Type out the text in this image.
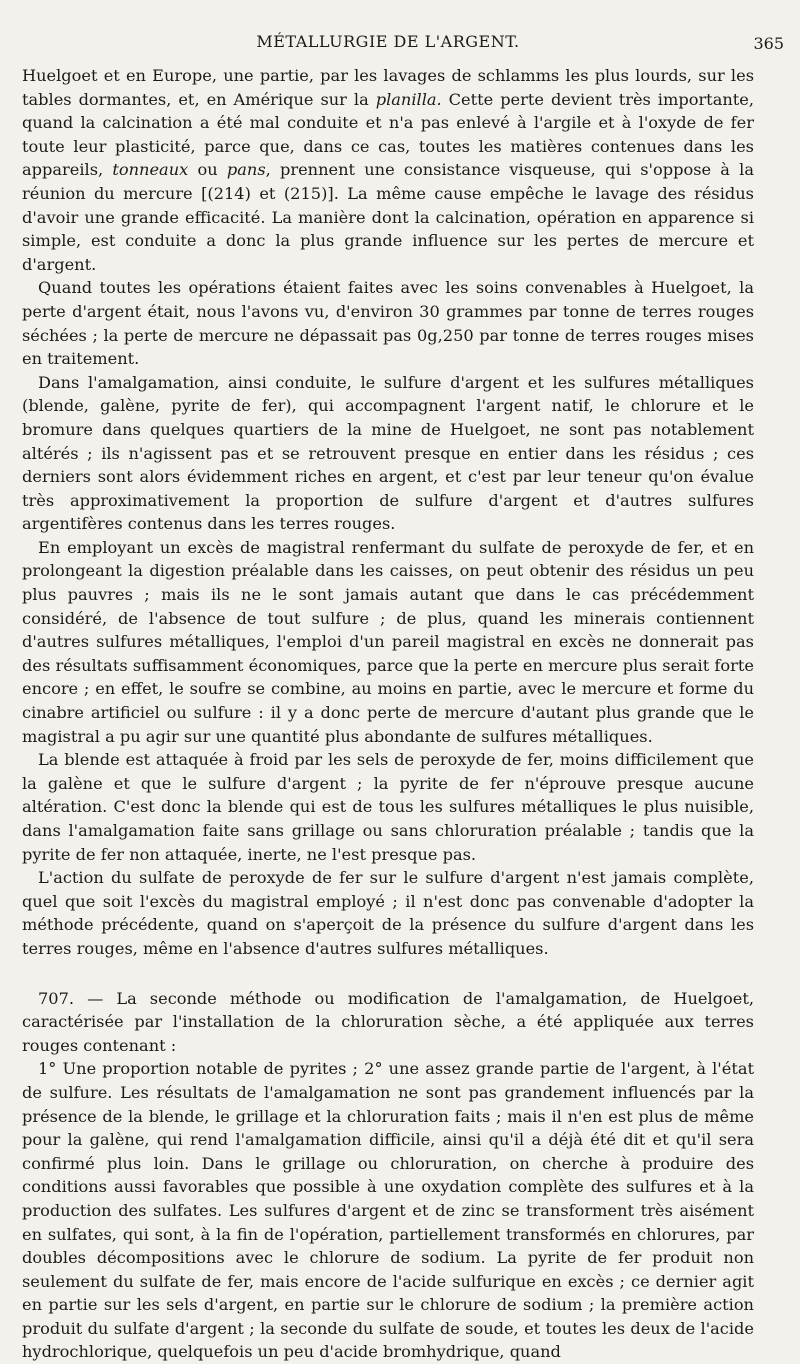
MÉTALLURGIE DE L'ARGENT.	365

Huelgoet et en Europe, une partie, par les lavages de schlamms les plus lourds, sur les tables dormantes, et, en Amérique sur la planilla. Cette perte devient très importante, quand la calcination a été mal conduite et n'a pas enlevé à l'argile et à l'oxyde de fer toute leur plasticité, parce que, dans ce cas, toutes les matières contenues dans les appareils, tonneaux ou pans, prennent une consistance visqueuse, qui s'oppose à la réunion du mercure [(214) et (215)]. La même cause empêche le lavage des résidus d'avoir une grande efficacité. La manière dont la calcination, opération en apparence si simple, est conduite a donc la plus grande influence sur les pertes de mercure et d'argent.

Quand toutes les opérations étaient faites avec les soins convenables à Huelgoet, la perte d'argent était, nous l'avons vu, d'environ 30 grammes par tonne de terres rouges séchées ; la perte de mercure ne dépassait pas 0g,250 par tonne de terres rouges mises en traitement.

Dans l'amalgamation, ainsi conduite, le sulfure d'argent et les sulfures métalliques (blende, galène, pyrite de fer), qui accompagnent l'argent natif, le chlorure et le bromure dans quelques quartiers de la mine de Huelgoet, ne sont pas notablement altérés ; ils n'agissent pas et se retrouvent presque en entier dans les résidus ; ces derniers sont alors évidemment riches en argent, et c'est par leur teneur qu'on évalue très approximativement la proportion de sulfure d'argent et d'autres sulfures argentifères contenus dans les terres rouges.

En employant un excès de magistral renfermant du sulfate de peroxyde de fer, et en prolongeant la digestion préalable dans les caisses, on peut obtenir des résidus un peu plus pauvres ; mais ils ne le sont jamais autant que dans le cas précédemment considéré, de l'absence de tout sulfure ; de plus, quand les minerais contiennent d'autres sulfures métalliques, l'emploi d'un pareil magistral en excès ne donnerait pas des résultats suffisamment économiques, parce que la perte en mercure plus serait forte encore ; en effet, le soufre se combine, au moins en partie, avec le mercure et forme du cinabre artificiel ou sulfure : il y a donc perte de mercure d'autant plus grande que le magistral a pu agir sur une quantité plus abondante de sulfures métalliques.

La blende est attaquée à froid par les sels de peroxyde de fer, moins difficilement que la galène et que le sulfure d'argent ; la pyrite de fer n'éprouve presque aucune altération. C'est donc la blende qui est de tous les sulfures métalliques le plus nuisible, dans l'amalgamation faite sans grillage ou sans chloruration préalable ; tandis que la pyrite de fer non attaquée, inerte, ne l'est presque pas.

L'action du sulfate de peroxyde de fer sur le sulfure d'argent n'est jamais complète, quel que soit l'excès du magistral employé ; il n'est donc pas convenable d'adopter la méthode précédente, quand on s'aperçoit de la présence du sulfure d'argent dans les terres rouges, même en l'absence d'autres sulfures métalliques.

707. — La seconde méthode ou modification de l'amalgamation, de Huelgoet, caractérisée par l'installation de la chloruration sèche, a été appliquée aux terres rouges contenant :

1° Une proportion notable de pyrites ; 2° une assez grande partie de l'argent, à l'état de sulfure. Les résultats de l'amalgamation ne sont pas grandement influencés par la présence de la blende, le grillage et la chloruration faits ; mais il n'en est plus de même pour la galène, qui rend l'amalgamation difficile, ainsi qu'il a déjà été dit et qu'il sera confirmé plus loin. Dans le grillage ou chloruration, on cherche à produire des conditions aussi favorables que possible à une oxydation complète des sulfures et à la production des sulfates. Les sulfures d'argent et de zinc se transforment très aisément en sulfates, qui sont, à la fin de l'opération, partiellement transformés en chlorures, par doubles décompositions avec le chlorure de sodium. La pyrite de fer produit non seulement du sulfate de fer, mais encore de l'acide sulfurique en excès ; ce dernier agit en partie sur les sels d'argent, en partie sur le chlorure de sodium ; la première action produit du sulfate d'argent ; la seconde du sulfate de soude, et toutes les deux de l'acide hydrochlorique, quelquefois un peu d'acide bromhydrique, quand
